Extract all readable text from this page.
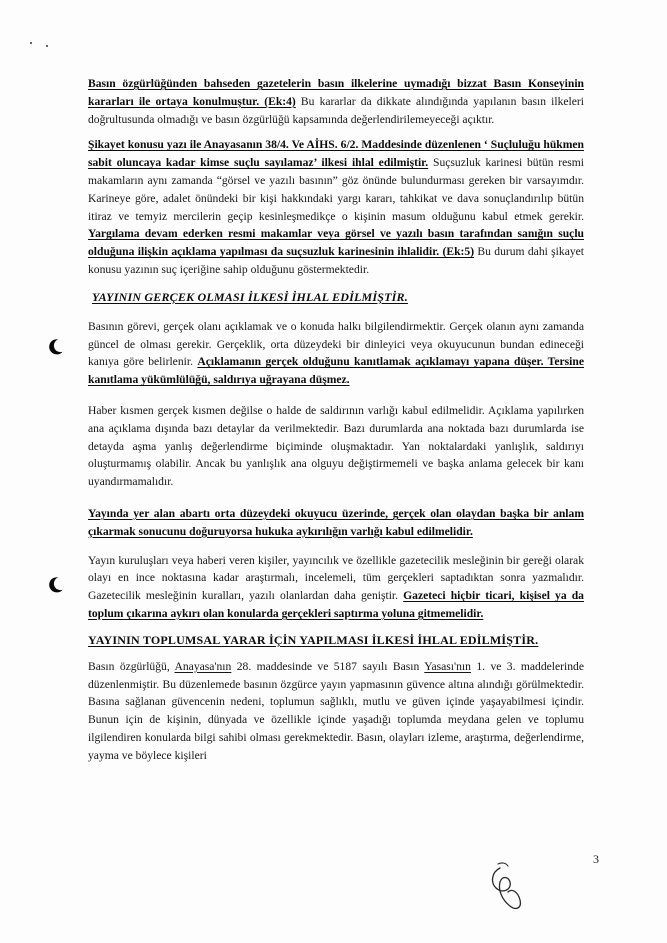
Basın özgürlüğünden bahseden gazetelerin basın ilkelerine uymadığı bizzat Basın Konseyinin kararları ile ortaya konulmuştur. (Ek:4) Bu kararlar da dikkate alındığında yapılanın basın ilkeleri doğrultusunda olmadığı ve basın özgürlüğü kapsamında değerlendirilemeyeceği açıktır.

Şikayet konusu yazı ile Anayasanın 38/4. Ve AİHS. 6/2. Maddesinde düzenlenen ‘ Suçluluğu hükmen sabit oluncaya kadar kimse suçlu sayılamaz’ ilkesi ihlal edilmiştir. Suçsuzluk karinesi bütün resmi makamların aynı zamanda “görsel ve yazılı basının” göz önünde bulundurması gereken bir varsayımdır. Karineye göre, adalet önündeki bir kişi hakkındaki yargı kararı, tahkikat ve dava sonuçlandırılıp bütün itiraz ve temyiz mercilerin geçip kesinleşmedikçe o kişinin masum olduğunu kabul etmek gerekir. Yargılama devam ederken resmi makamlar veya görsel ve yazılı basın tarafından sanığın suçlu olduğuna ilişkin açıklama yapılması da suçsuzluk karinesinin ihlalidir. (Ek:5) Bu durum dahi şikayet konusu yazının suç içeriğine sahip olduğunu göstermektedir.

YAYININ GERÇEK OLMASI İLKESİ İHLAL EDİLMİŞTİR.

Basının görevi, gerçek olanı açıklamak ve o konuda halkı bilgilendirmektir. Gerçek olanın aynı zamanda güncel de olması gerekir. Gerçeklik, orta düzeydeki bir dinleyici veya okuyucunun bundan edineceği kanıya göre belirlenir. Açıklamanın gerçek olduğunu kanıtlamak açıklamayı yapana düşer. Tersine kanıtlama yükümlülüğü, saldırıya uğrayana düşmez.

Haber kısmen gerçek kısmen değilse o halde de saldırının varlığı kabul edilmelidir. Açıklama yapılırken ana açıklama dışında bazı detaylar da verilmektedir. Bazı durumlarda ana noktada bazı durumlarda ise detayda aşma yanlış değerlendirme biçiminde oluşmaktadır. Yan noktalardaki yanlışlık, saldırıyı oluşturmamış olabilir. Ancak bu yanlışlık ana olguyu değiştirmemeli ve başka anlama gelecek bir kanı uyandırmamalıdır.

Yayında yer alan abartı orta düzeydeki okuyucu üzerinde, gerçek olan olaydan başka bir anlam çıkarmak sonucunu doğuruyorsa hukuka aykırılığın varlığı kabul edilmelidir.

Yayın kuruluşları veya haberi veren kişiler, yayıncılık ve özellikle gazetecilik mesleğinin bir gereği olarak olayı en ince noktasına kadar araştırmalı, incelemeli, tüm gerçekleri saptadıktan sonra yazmalıdır. Gazetecilik mesleğinin kuralları, yazılı olanlardan daha geniştir. Gazeteci hiçbir ticari, kişisel ya da toplum çıkarına aykırı olan konularda gerçekleri saptırma yoluna gitmemelidir.

YAYININ TOPLUMSAL YARAR İÇİN YAPILMASI İLKESİ İHLAL EDİLMİŞTİR.

Basın özgürlüğü, Anayasa'nın 28. maddesinde ve 5187 sayılı Basın Yasası'nın 1. ve 3. maddelerinde düzenlenmiştir. Bu düzenlemede basının özgürce yayın yapmasının güvence altına alındığı görülmektedir. Basına sağlanan güvencenin nedeni, toplumun sağlıklı, mutlu ve güven içinde yaşayabilmesi içindir. Bunun için de kişinin, dünyada ve özellikle içinde yaşadığı toplumda meydana gelen ve toplumu ilgilendiren konularda bilgi sahibi olması gerekmektedir. Basın, olayları izleme, araştırma, değerlendirme, yayma ve böylece kişileri

3
